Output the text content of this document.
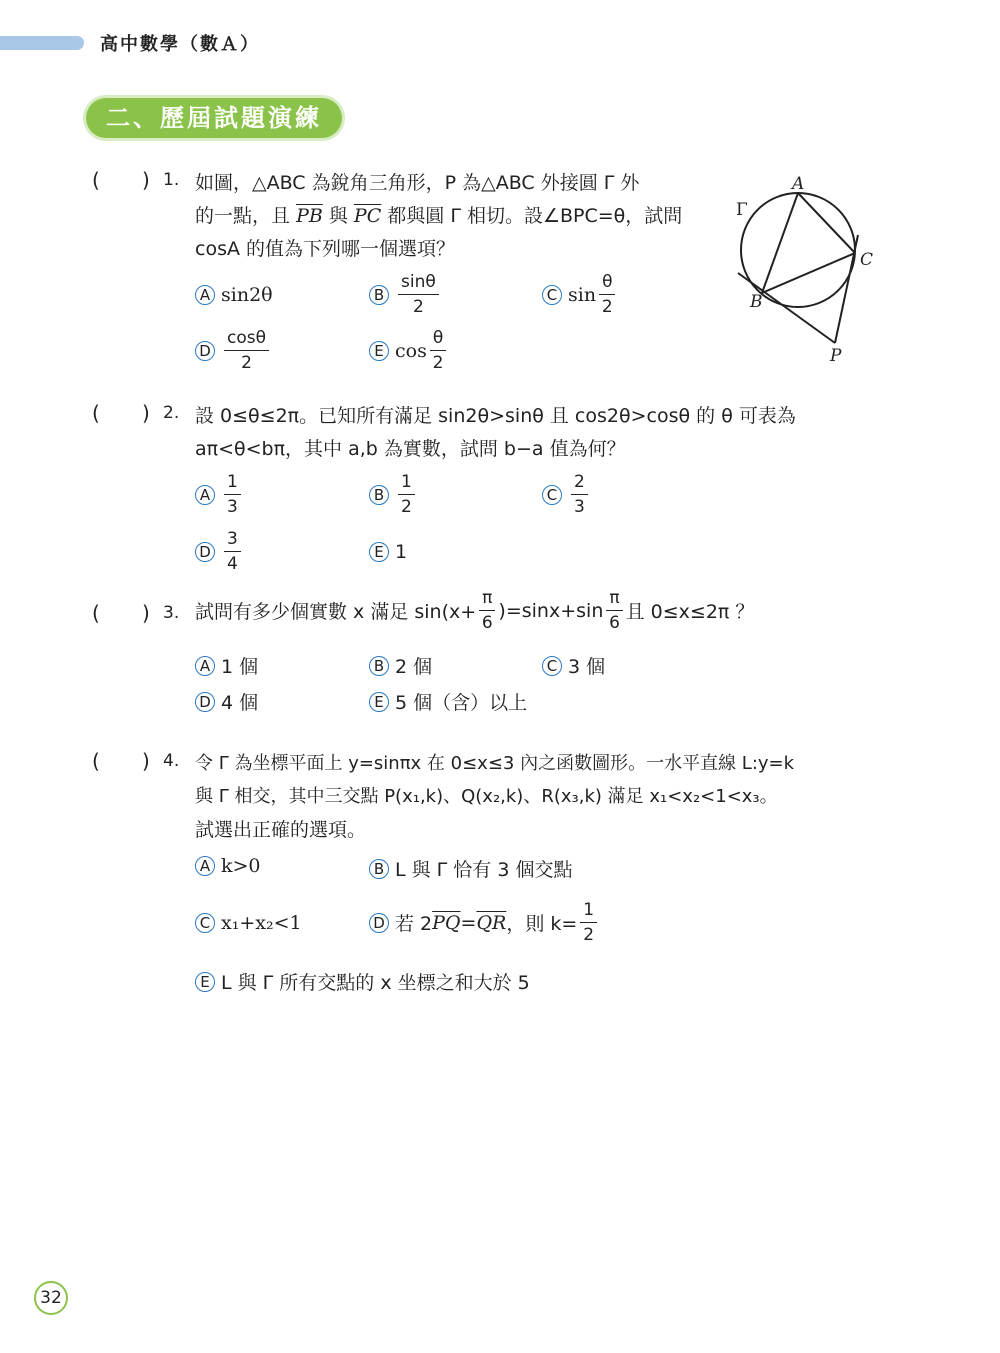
高中數學（數Ａ）
二、歷屆試題演練
( ) 1. 如圖，△ABC 為銳角三角形，P 為△ABC 外接圓 Γ 外
的一點，且 $\overline{PB}$ 與 $\overline{PC}$ 都與圓 Γ 相切。設∠BPC=θ，試問
cosA 的值為下列哪一個選項？
A sin2θ	B $\frac{\sin\theta}{2}$	C $\sin \frac{\theta}{2}$
D $\frac{\cos\theta}{2}$	E $\cos \frac{\theta}{2}$
A
B
C
P
Γ
( ) 2. 設 0≤θ≤2π。已知所有滿足 sin2θ>sinθ 且 cos2θ>cosθ 的 θ 可表為
aπ<θ<bπ，其中 a,b 為實數，試問 b−a 值為何？
A $\frac{1}{3}$	B $\frac{1}{2}$	C $\frac{2}{3}$
D $\frac{3}{4}$	E 1
( ) 3. 試問有多少個實數 x 滿足 $\sin(x+ \frac{\pi}{6} )=\sin x+\sin \frac{\pi}{6}$ 且 0≤x≤2π ？
A 1 個	B 2 個	C 3 個
D 4 個	E 5 個（含）以上
( ) 4. 令 Γ 為坐標平面上 y=sinπx 在 0≤x≤3 內之函數圖形。一水平直線 L:y=k
與 Γ 相交，其中三交點 P(x₁,k)、Q(x₂,k)、R(x₃,k) 滿足 x₁<x₂<1<x₃。
試選出正確的選項。
A k>0	B L 與 Γ 恰有 3 個交點
C x₁+x₂<1	D 若 2 $\overline{PQ} = \overline{QR}$ ，則 $k= \frac{1}{2}$
E L 與 Γ 所有交點的 x 坐標之和大於 5
32
